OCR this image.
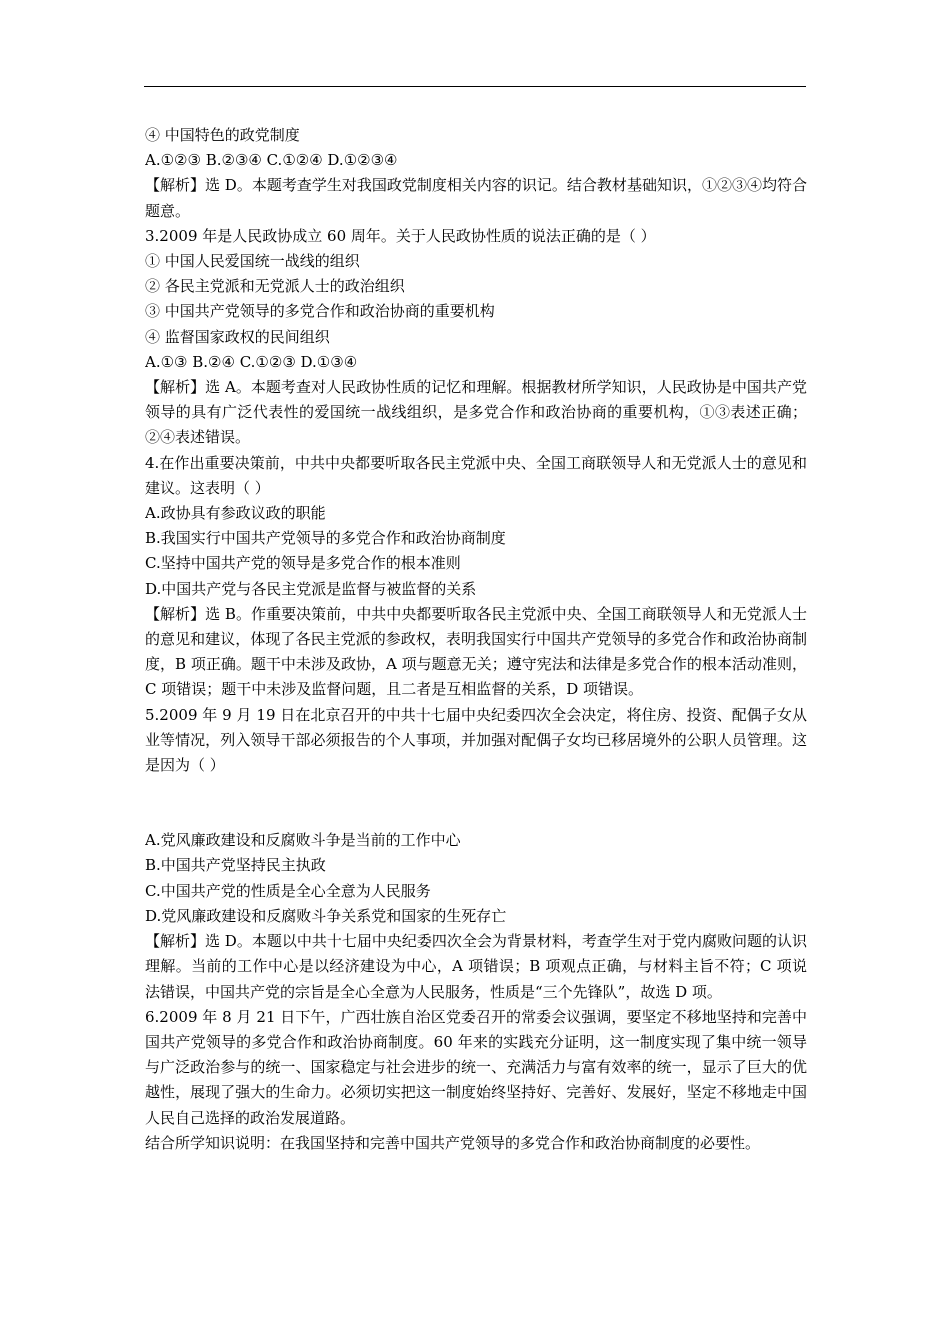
④ 中国特色的政党制度
A.①②③ B.②③④ C.①②④ D.①②③④
【解析】选 D。本题考查学生对我国政党制度相关内容的识记。结合教材基础知识，①②③④均符合题意。
3.2009 年是人民政协成立 60 周年。关于人民政协性质的说法正确的是（ ）
① 中国人民爱国统一战线的组织
② 各民主党派和无党派人士的政治组织
③ 中国共产党领导的多党合作和政治协商的重要机构
④ 监督国家政权的民间组织
A.①③ B.②④ C.①②③ D.①③④
【解析】选 A。本题考查对人民政协性质的记忆和理解。根据教材所学知识，人民政协是中国共产党领导的具有广泛代表性的爱国统一战线组织，是多党合作和政治协商的重要机构，①③表述正确；②④表述错误。
4.在作出重要决策前，中共中央都要听取各民主党派中央、全国工商联领导人和无党派人士的意见和建议。这表明（ ）
A.政协具有参政议政的职能
B.我国实行中国共产党领导的多党合作和政治协商制度
C.坚持中国共产党的领导是多党合作的根本准则
D.中国共产党与各民主党派是监督与被监督的关系
【解析】选 B。作重要决策前，中共中央都要听取各民主党派中央、全国工商联领导人和无党派人士的意见和建议，体现了各民主党派的参政权，表明我国实行中国共产党领导的多党合作和政治协商制度，B 项正确。题干中未涉及政协，A 项与题意无关；遵守宪法和法律是多党合作的根本活动准则，C 项错误；题干中未涉及监督问题，且二者是互相监督的关系，D 项错误。
5.2009 年 9 月 19 日在北京召开的中共十七届中央纪委四次全会决定，将住房、投资、配偶子女从业等情况，列入领导干部必须报告的个人事项，并加强对配偶子女均已移居境外的公职人员管理。这是因为（ ）
A.党风廉政建设和反腐败斗争是当前的工作中心
B.中国共产党坚持民主执政
C.中国共产党的性质是全心全意为人民服务
D.党风廉政建设和反腐败斗争关系党和国家的生死存亡
【解析】选 D。本题以中共十七届中央纪委四次全会为背景材料，考查学生对于党内腐败问题的认识理解。当前的工作中心是以经济建设为中心，A 项错误；B 项观点正确，与材料主旨不符；C 项说法错误，中国共产党的宗旨是全心全意为人民服务，性质是“三个先锋队”，故选 D 项。
6.2009 年 8 月 21 日下午，广西壮族自治区党委召开的常委会议强调，要坚定不移地坚持和完善中国共产党领导的多党合作和政治协商制度。60 年来的实践充分证明，这一制度实现了集中统一领导与广泛政治参与的统一、国家稳定与社会进步的统一、充满活力与富有效率的统一，显示了巨大的优越性，展现了强大的生命力。必须切实把这一制度始终坚持好、完善好、发展好，坚定不移地走中国人民自己选择的政治发展道路。
结合所学知识说明：在我国坚持和完善中国共产党领导的多党合作和政治协商制度的必要性。
